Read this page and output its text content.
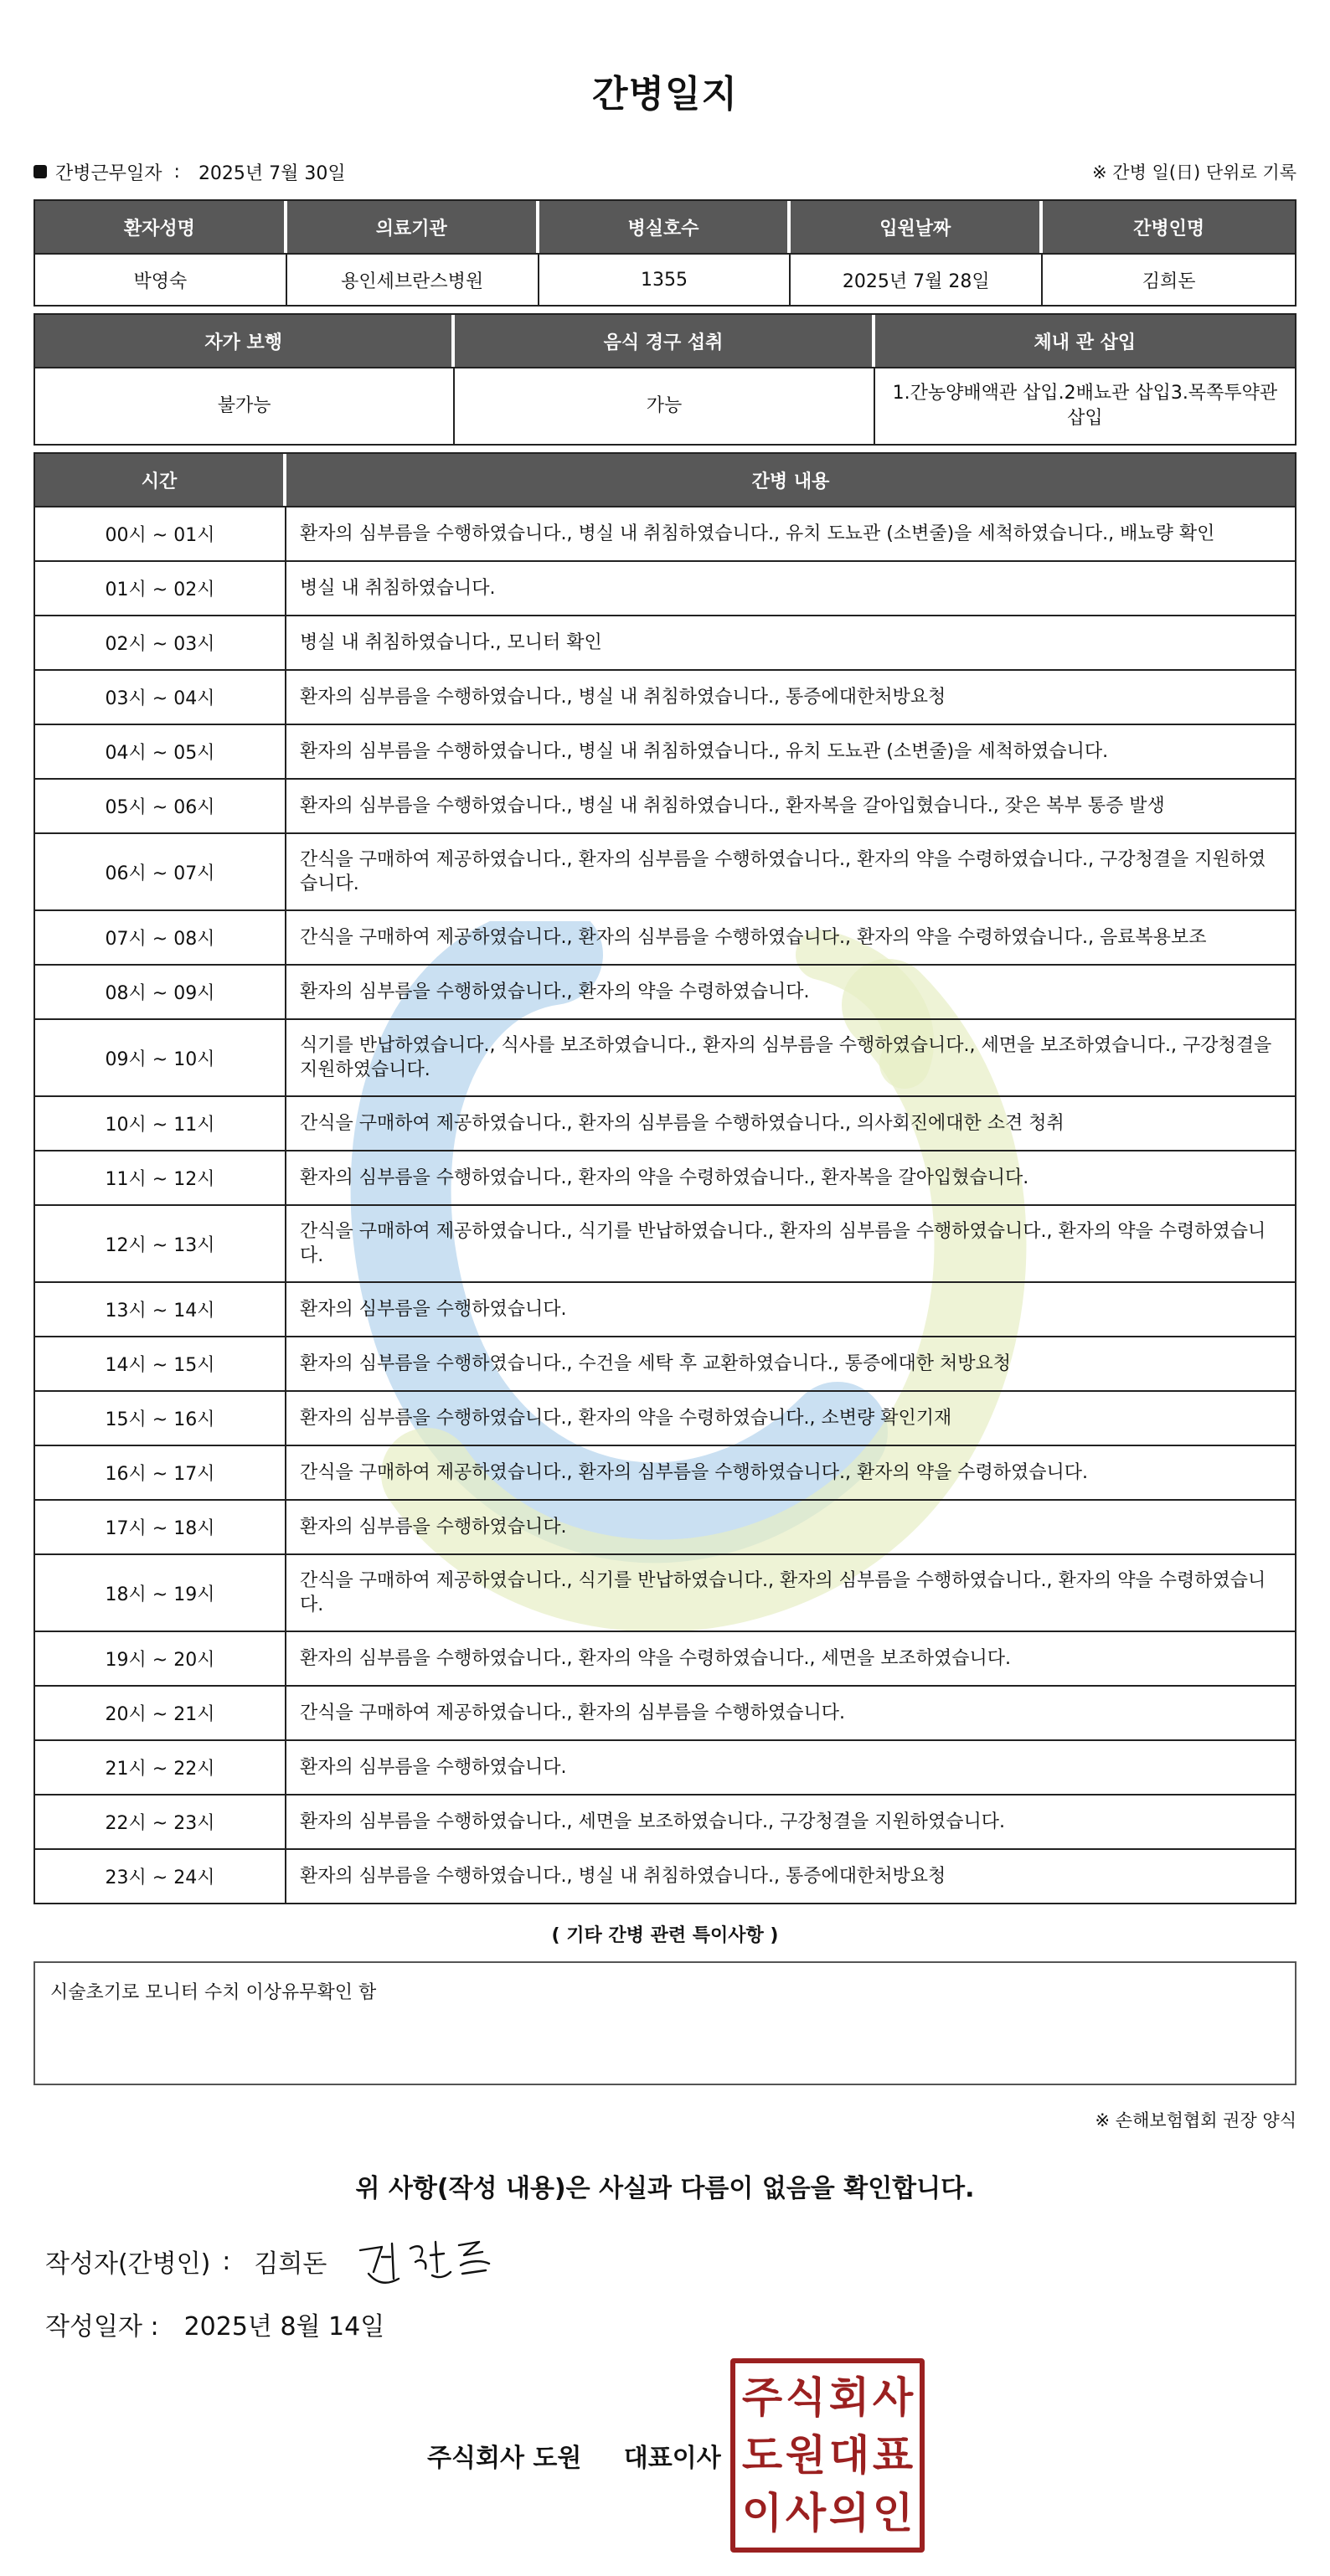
간병일지
간병근무일자 : 2025년 7월 30일	※ 간병 일(日) 단위로 기록
환자성명	의료기관	병실호수	입원날짜	간병인명
박영숙	용인세브란스병원	1355	2025년 7월 28일	김희돈
자가 보행	음식 경구 섭취	체내 관 삽입
불가능	가능	1.간농양배액관 삽입.2배뇨관 삽입3.목쪽투약관 삽입
시간	간병 내용
00시 ~ 01시	환자의 심부름을 수행하였습니다., 병실 내 취침하였습니다., 유치 도뇨관 (소변줄)을 세척하였습니다., 배뇨량 확인
01시 ~ 02시	병실 내 취침하였습니다.
02시 ~ 03시	병실 내 취침하였습니다., 모니터 확인
03시 ~ 04시	환자의 심부름을 수행하였습니다., 병실 내 취침하였습니다., 통증에대한처방요청
04시 ~ 05시	환자의 심부름을 수행하였습니다., 병실 내 취침하였습니다., 유치 도뇨관 (소변줄)을 세척하였습니다.
05시 ~ 06시	환자의 심부름을 수행하였습니다., 병실 내 취침하였습니다., 환자복을 갈아입혔습니다., 잦은 복부 통증 발생
06시 ~ 07시	간식을 구매하여 제공하였습니다., 환자의 심부름을 수행하였습니다., 환자의 약을 수령하였습니다., 구강청결을 지원하였습니다.
07시 ~ 08시	간식을 구매하여 제공하였습니다., 환자의 심부름을 수행하였습니다., 환자의 약을 수령하였습니다., 음료복용보조
08시 ~ 09시	환자의 심부름을 수행하였습니다., 환자의 약을 수령하였습니다.
09시 ~ 10시	식기를 반납하였습니다., 식사를 보조하였습니다., 환자의 심부름을 수행하였습니다., 세면을 보조하였습니다., 구강청결을 지원하였습니다.
10시 ~ 11시	간식을 구매하여 제공하였습니다., 환자의 심부름을 수행하였습니다., 의사회진에대한 소견 청취
11시 ~ 12시	환자의 심부름을 수행하였습니다., 환자의 약을 수령하였습니다., 환자복을 갈아입혔습니다.
12시 ~ 13시	간식을 구매하여 제공하였습니다., 식기를 반납하였습니다., 환자의 심부름을 수행하였습니다., 환자의 약을 수령하였습니다.
13시 ~ 14시	환자의 심부름을 수행하였습니다.
14시 ~ 15시	환자의 심부름을 수행하였습니다., 수건을 세탁 후 교환하였습니다., 통증에대한 처방요청
15시 ~ 16시	환자의 심부름을 수행하였습니다., 환자의 약을 수령하였습니다., 소변량 확인기재
16시 ~ 17시	간식을 구매하여 제공하였습니다., 환자의 심부름을 수행하였습니다., 환자의 약을 수령하였습니다.
17시 ~ 18시	환자의 심부름을 수행하였습니다.
18시 ~ 19시	간식을 구매하여 제공하였습니다., 식기를 반납하였습니다., 환자의 심부름을 수행하였습니다., 환자의 약을 수령하였습니다.
19시 ~ 20시	환자의 심부름을 수행하였습니다., 환자의 약을 수령하였습니다., 세면을 보조하였습니다.
20시 ~ 21시	간식을 구매하여 제공하였습니다., 환자의 심부름을 수행하였습니다.
21시 ~ 22시	환자의 심부름을 수행하였습니다.
22시 ~ 23시	환자의 심부름을 수행하였습니다., 세면을 보조하였습니다., 구강청결을 지원하였습니다.
23시 ~ 24시	환자의 심부름을 수행하였습니다., 병실 내 취침하였습니다., 통증에대한처방요청
( 기타 간병 관련 특이사항 )
시술초기로 모니터 수치 이상유무확인 함
※ 손해보험협회 권장 양식
위 사항(작성 내용)은 사실과 다름이 없음을 확인합니다.
작성자(간병인) : 김희돈
작성일자 : 2025년 8월 14일
주식회사 도원 대표이사
주 식 회 사
도 원 대 표
이 사 의 인
